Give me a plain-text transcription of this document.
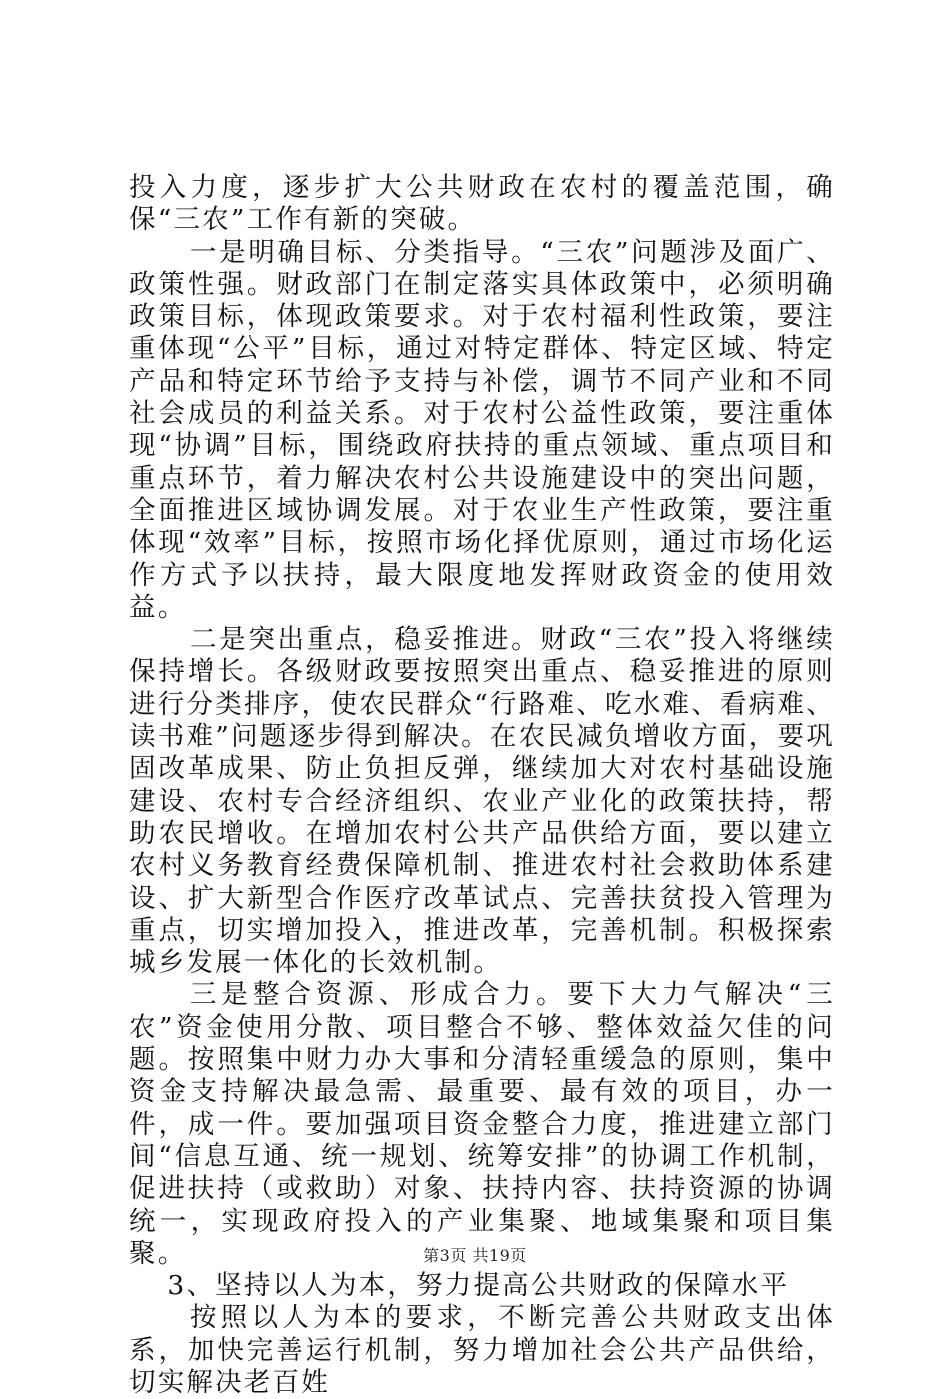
投入力度，逐步扩大公共财政在农村的覆盖范围，确保“三农”工作有新的突破。

一是明确目标、分类指导。“三农”问题涉及面广、政策性强。财政部门在制定落实具体政策中，必须明确政策目标，体现政策要求。对于农村福利性政策，要注重体现“公平”目标，通过对特定群体、特定区域、特定产品和特定环节给予支持与补偿，调节不同产业和不同社会成员的利益关系。对于农村公益性政策，要注重体现“协调”目标，围绕政府扶持的重点领域、重点项目和重点环节，着力解决农村公共设施建设中的突出问题，全面推进区域协调发展。对于农业生产性政策，要注重体现“效率”目标，按照市场化择优原则，通过市场化运作方式予以扶持，最大限度地发挥财政资金的使用效益。

二是突出重点，稳妥推进。财政“三农”投入将继续保持增长。各级财政要按照突出重点、稳妥推进的原则进行分类排序，使农民群众“行路难、吃水难、看病难、读书难”问题逐步得到解决。在农民减负增收方面，要巩固改革成果、防止负担反弹，继续加大对农村基础设施建设、农村专合经济组织、农业产业化的政策扶持，帮助农民增收。在增加农村公共产品供给方面，要以建立农村义务教育经费保障机制、推进农村社会救助体系建设、扩大新型合作医疗改革试点、完善扶贫投入管理为重点，切实增加投入，推进改革，完善机制。积极探索城乡发展一体化的长效机制。

三是整合资源、形成合力。要下大力气解决“三农”资金使用分散、项目整合不够、整体效益欠佳的问题。按照集中财力办大事和分清轻重缓急的原则，集中资金支持解决最急需、最重要、最有效的项目，办一件，成一件。要加强项目资金整合力度，推进建立部门间“信息互通、统一规划、统筹安排”的协调工作机制，促进扶持（或救助）对象、扶持内容、扶持资源的协调统一，实现政府投入的产业集聚、地域集聚和项目集聚。

3、坚持以人为本，努力提高公共财政的保障水平

按照以人为本的要求，不断完善公共财政支出体系，加快完善运行机制，努力增加社会公共产品供给，切实解决老百姓

第3页 共19页
